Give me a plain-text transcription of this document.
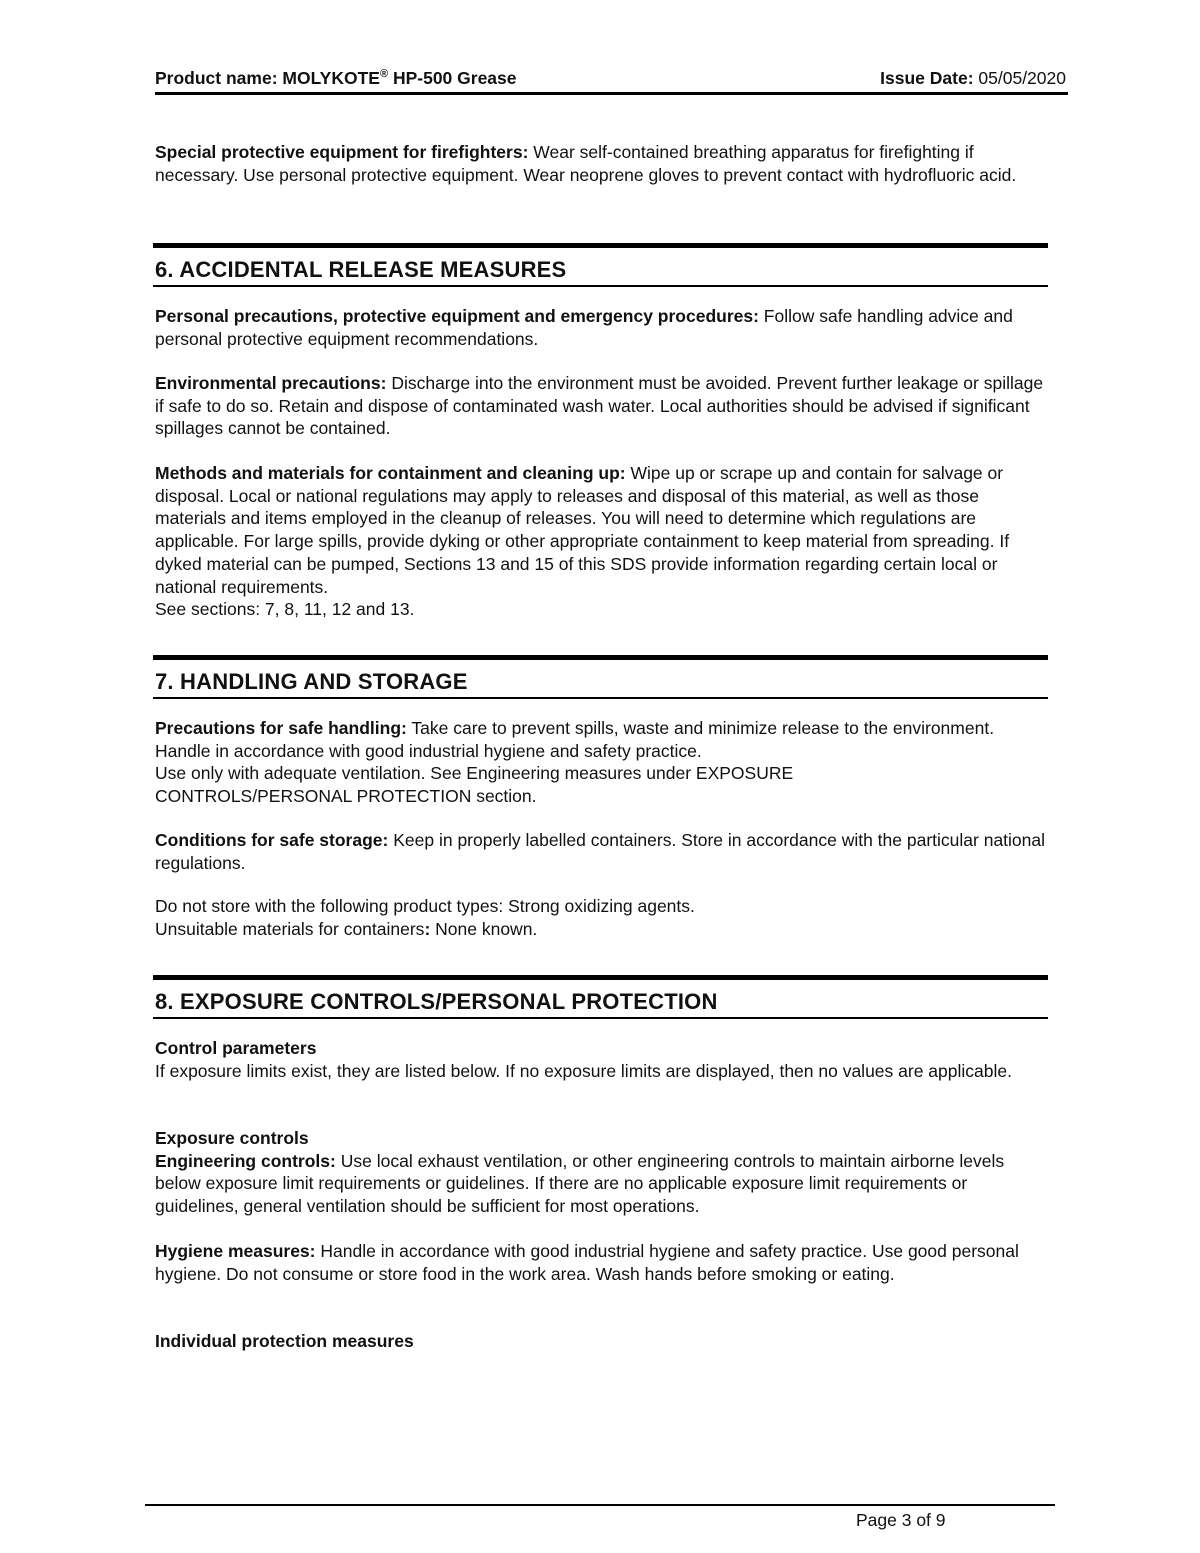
Product name: MOLYKOTE® HP-500 Grease	Issue Date: 05/05/2020

Special protective equipment for firefighters: Wear self-contained breathing apparatus for firefighting if necessary. Use personal protective equipment. Wear neoprene gloves to prevent contact with hydrofluoric acid.

6. ACCIDENTAL RELEASE MEASURES

Personal precautions, protective equipment and emergency procedures: Follow safe handling advice and personal protective equipment recommendations.

Environmental precautions: Discharge into the environment must be avoided. Prevent further leakage or spillage if safe to do so. Retain and dispose of contaminated wash water. Local authorities should be advised if significant spillages cannot be contained.

Methods and materials for containment and cleaning up: Wipe up or scrape up and contain for salvage or disposal. Local or national regulations may apply to releases and disposal of this material, as well as those materials and items employed in the cleanup of releases. You will need to determine which regulations are applicable. For large spills, provide dyking or other appropriate containment to keep material from spreading. If dyked material can be pumped, Sections 13 and 15 of this SDS provide information regarding certain local or national requirements.

See sections: 7, 8, 11, 12 and 13.

7. HANDLING AND STORAGE

Precautions for safe handling: Take care to prevent spills, waste and minimize release to the environment. Handle in accordance with good industrial hygiene and safety practice.

Use only with adequate ventilation. See Engineering measures under EXPOSURE CONTROLS/PERSONAL PROTECTION section.

Conditions for safe storage: Keep in properly labelled containers. Store in accordance with the particular national regulations.

Do not store with the following product types: Strong oxidizing agents.

Unsuitable materials for containers: None known.

8. EXPOSURE CONTROLS/PERSONAL PROTECTION

Control parameters

If exposure limits exist, they are listed below. If no exposure limits are displayed, then no values are applicable.

Exposure controls

Engineering controls: Use local exhaust ventilation, or other engineering controls to maintain airborne levels below exposure limit requirements or guidelines. If there are no applicable exposure limit requirements or guidelines, general ventilation should be sufficient for most operations.

Hygiene measures: Handle in accordance with good industrial hygiene and safety practice. Use good personal hygiene. Do not consume or store food in the work area. Wash hands before smoking or eating.

Individual protection measures

Page 3 of 9
